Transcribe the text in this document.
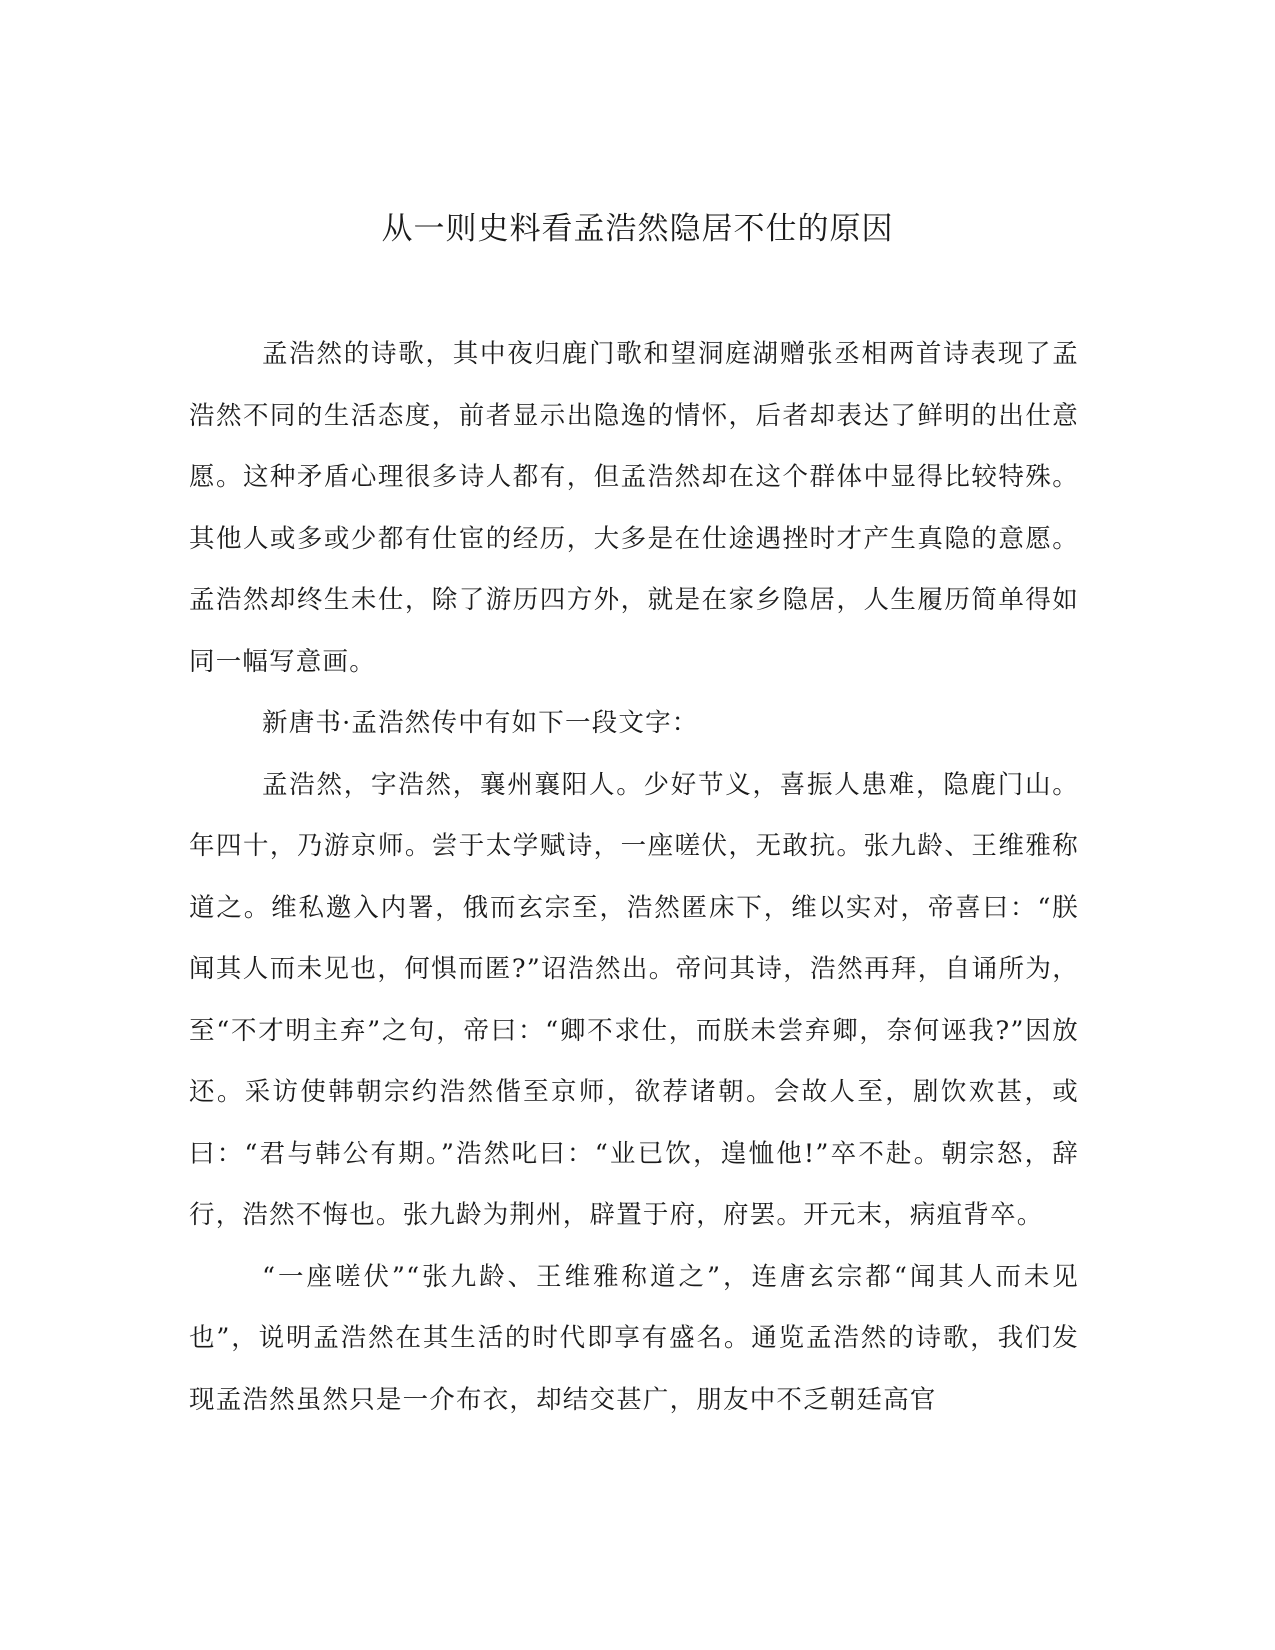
从一则史料看孟浩然隐居不仕的原因

孟浩然的诗歌，其中夜归鹿门歌和望洞庭湖赠张丞相两首诗表现了孟浩然不同的生活态度，前者显示出隐逸的情怀，后者却表达了鲜明的出仕意愿。这种矛盾心理很多诗人都有，但孟浩然却在这个群体中显得比较特殊。其他人或多或少都有仕宦的经历，大多是在仕途遇挫时才产生真隐的意愿。孟浩然却终生未仕，除了游历四方外，就是在家乡隐居，人生履历简单得如同一幅写意画。

新唐书·孟浩然传中有如下一段文字：

孟浩然，字浩然，襄州襄阳人。少好节义，喜振人患难，隐鹿门山。年四十，乃游京师。尝于太学赋诗，一座嗟伏，无敢抗。张九龄、王维雅称道之。维私邀入内署，俄而玄宗至，浩然匿床下，维以实对，帝喜曰：“朕闻其人而未见也，何惧而匿?”诏浩然出。帝问其诗，浩然再拜，自诵所为，至“不才明主弃”之句，帝曰：“卿不求仕，而朕未尝弃卿，奈何诬我?”因放还。采访使韩朝宗约浩然偕至京师，欲荐诸朝。会故人至，剧饮欢甚，或曰：“君与韩公有期。”浩然叱曰：“业已饮，遑恤他!”卒不赴。朝宗怒，辞行，浩然不悔也。张九龄为荆州，辟置于府，府罢。开元末，病疽背卒。

“一座嗟伏”“张九龄、王维雅称道之”，连唐玄宗都“闻其人而未见也”，说明孟浩然在其生活的时代即享有盛名。通览孟浩然的诗歌，我们发现孟浩然虽然只是一介布衣，却结交甚广，朋友中不乏朝廷高官
